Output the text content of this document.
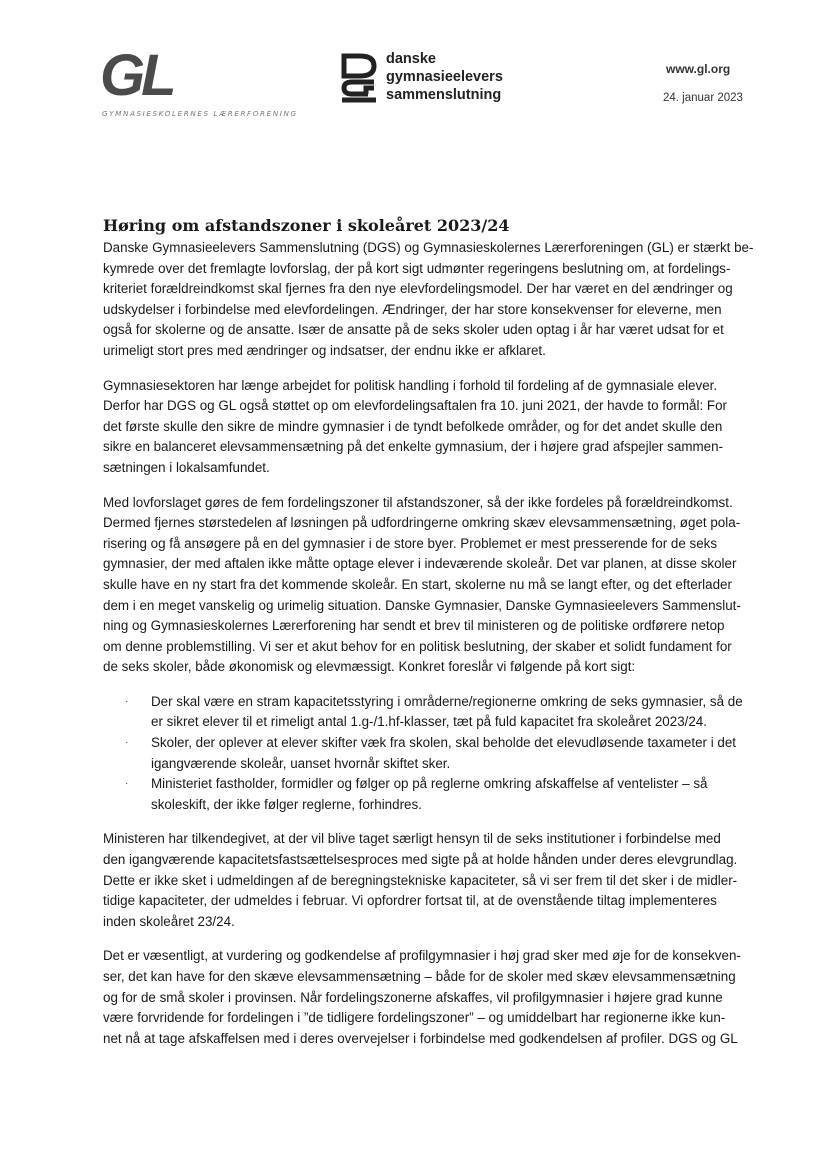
GL
GYMNASIESKOLERNES LÆRERFORENING
danske
gymnasieelevers
sammenslutning
www.gl.org
24. januar 2023
Høring om afstandszoner i skoleåret 2023/24
Danske Gymnasieelevers Sammenslutning (DGS) og Gymnasieskolernes Lærerforeningen (GL) er stærkt be-
kymrede over det fremlagte lovforslag, der på kort sigt udmønter regeringens beslutning om, at fordelings-
kriteriet forældreindkomst skal fjernes fra den nye elevfordelingsmodel. Der har været en del ændringer og
udskydelser i forbindelse med elevfordelingen. Ændringer, der har store konsekvenser for eleverne, men
også for skolerne og de ansatte. Især de ansatte på de seks skoler uden optag i år har været udsat for et
urimeligt stort pres med ændringer og indsatser, der endnu ikke er afklaret.
Gymnasiesektoren har længe arbejdet for politisk handling i forhold til fordeling af de gymnasiale elever.
Derfor har DGS og GL også støttet op om elevfordelingsaftalen fra 10. juni 2021, der havde to formål: For
det første skulle den sikre de mindre gymnasier i de tyndt befolkede områder, og for det andet skulle den
sikre en balanceret elevsammensætning på det enkelte gymnasium, der i højere grad afspejler sammen-
sætningen i lokalsamfundet.
Med lovforslaget gøres de fem fordelingszoner til afstandszoner, så der ikke fordeles på forældreindkomst.
Dermed fjernes størstedelen af løsningen på udfordringerne omkring skæv elevsammensætning, øget pola-
risering og få ansøgere på en del gymnasier i de store byer. Problemet er mest presserende for de seks
gymnasier, der med aftalen ikke måtte optage elever i indeværende skoleår. Det var planen, at disse skoler
skulle have en ny start fra det kommende skoleår. En start, skolerne nu må se langt efter, og det efterlader
dem i en meget vanskelig og urimelig situation. Danske Gymnasier, Danske Gymnasieelevers Sammenslut-
ning og Gymnasieskolernes Lærerforening har sendt et brev til ministeren og de politiske ordførere netop
om denne problemstilling. Vi ser et akut behov for en politisk beslutning, der skaber et solidt fundament for
de seks skoler, både økonomisk og elevmæssigt. Konkret foreslår vi følgende på kort sigt:
· Der skal være en stram kapacitetsstyring i områderne/regionerne omkring de seks gymnasier, så de
er sikret elever til et rimeligt antal 1.g-/1.hf-klasser, tæt på fuld kapacitet fra skoleåret 2023/24.
· Skoler, der oplever at elever skifter væk fra skolen, skal beholde det elevudløsende taxameter i det
igangværende skoleår, uanset hvornår skiftet sker.
· Ministeriet fastholder, formidler og følger op på reglerne omkring afskaffelse af ventelister – så
skoleskift, der ikke følger reglerne, forhindres.
Ministeren har tilkendegivet, at der vil blive taget særligt hensyn til de seks institutioner i forbindelse med
den igangværende kapacitetsfastsættelsesproces med sigte på at holde hånden under deres elevgrundlag.
Dette er ikke sket i udmeldingen af de beregningstekniske kapaciteter, så vi ser frem til det sker i de midler-
tidige kapaciteter, der udmeldes i februar. Vi opfordrer fortsat til, at de ovenstående tiltag implementeres
inden skoleåret 23/24.
Det er væsentligt, at vurdering og godkendelse af profilgymnasier i høj grad sker med øje for de konsekven-
ser, det kan have for den skæve elevsammensætning – både for de skoler med skæv elevsammensætning
og for de små skoler i provinsen. Når fordelingszonerne afskaffes, vil profilgymnasier i højere grad kunne
være forvridende for fordelingen i ”de tidligere fordelingszoner” – og umiddelbart har regionerne ikke kun-
net nå at tage afskaffelsen med i deres overvejelser i forbindelse med godkendelsen af profiler. DGS og GL
